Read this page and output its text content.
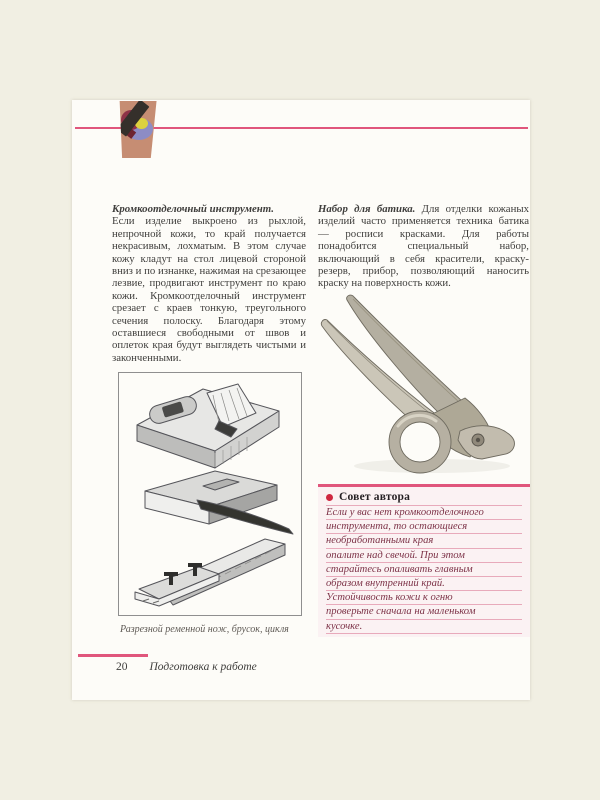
Кромкоотделочный инструмент.
Если изделие выкроено из рыхлой, непрочной кожи, то край получается некрасивым, лохматым. В этом случае кожу кладут на стол лицевой стороной вниз и по изнанке, нажимая на срезающее лезвие, продвигают инструмент по краю кожи. Кромкоотделочный инструмент срезает с краев тонкую, треугольного сечения полоску. Благодаря этому оставшиеся свободными от швов и оплеток края будут выглядеть чистыми и законченными.

Набор для батика. Для отделки кожаных изделий часто применяется техника батика — росписи красками. Для работы понадобится специальный набор, включающий в себя красители, краску-резерв, прибор, позволяющий наносить краску на поверхность кожи.

Разрезной ременной нож, брусок, цикля
Совет автора
Если у вас нет кромкоотделочного
инструмента, то остающиеся
необработанными края
опалите над свечой. При этом
старайтесь опаливать главным
образом внутренний край.
Устойчивость кожи к огню
проверьте сначала на маленьком
кусочке.
20 Подготовка к работе
